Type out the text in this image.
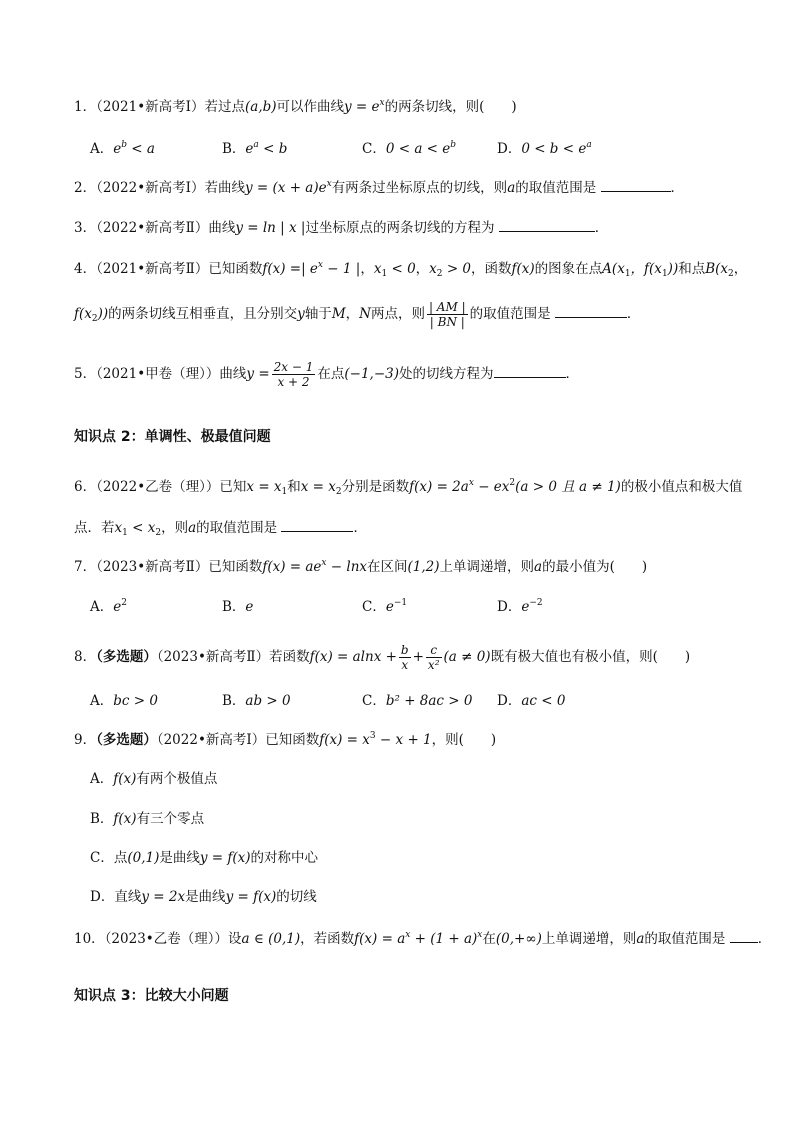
1．（2021•新高考Ⅰ）若过点(a,b)可以作曲线$y = e^x$的两条切线，则(　　)
A．$e^b < a$	B．$e^a < b$	C．$0 < a < e^b$	D．$0 < b < e^a$
2．（2022•新高考Ⅰ）若曲线$y = (x + a)e^x$有两条过坐标原点的切线，则a的取值范围是	．
3．（2022•新高考Ⅱ）曲线y = ln | x |过坐标原点的两条切线的方程为	．
4．（2021•新高考Ⅱ）已知函数f(x) =| $e^x - 1$ |，$x_1 < 0$，$x_2 > 0$，函数f(x)的图象在点$A(x_1$，$f(x_1)$)和点$B(x_2$，
$f(x_2)$)的两条切线互相垂直，且分别交y轴于M，N两点，则 $\frac{| AM |}{| BN |}$ 的取值范围是	．
5．（2021•甲卷（理））曲线$y = \frac{2x - 1}{x + 2}$ 在点(−1,−3)处的切线方程为	．
知识点 2：单调性、极最值问题
6．（2022•乙卷（理））已知$x = x_1$和$x = x_2$分别是函数$f(x) = 2a^x - ex^2(a > 0$ 且 a ≠ 1)的极小值点和极大值
点．若$x_1 < x_2$，则a的取值范围是	．
7．（2023•新高考Ⅱ）已知函数$f(x) = ae^x - \ln x$在区间(1,2)上单调递增，则a的最小值为(　　)
A．$e^2$	B．e	C．$e^{-1}$	D．$e^{-2}$
8．（多选题）（2023•新高考Ⅱ）若函数$f(x) = alnx + \frac{b}{x} + \frac{c}{\text{x²}} (a \ne 0)$既有极大值也有极小值，则(　　)
A．bc > 0	B．ab > 0	C．b² + 8ac > 0 D．ac < 0
9．（多选题）（2022•新高考Ⅰ）已知函数$f(x) = x^3 - x + 1$，则(　　)
A．f(x)有两个极值点
B．f(x)有三个零点
C．点(0,1)是曲线y = f(x)的对称中心
D．直线y = 2x是曲线y = f(x)的切线
10．（2023•乙卷（理））设a ∈ (0,1)，若函数$f(x) = a^x + (1 + a)^x$在(0,+∞)上单调递增，则a的取值范围是 ．
知识点 3：比较大小问题
